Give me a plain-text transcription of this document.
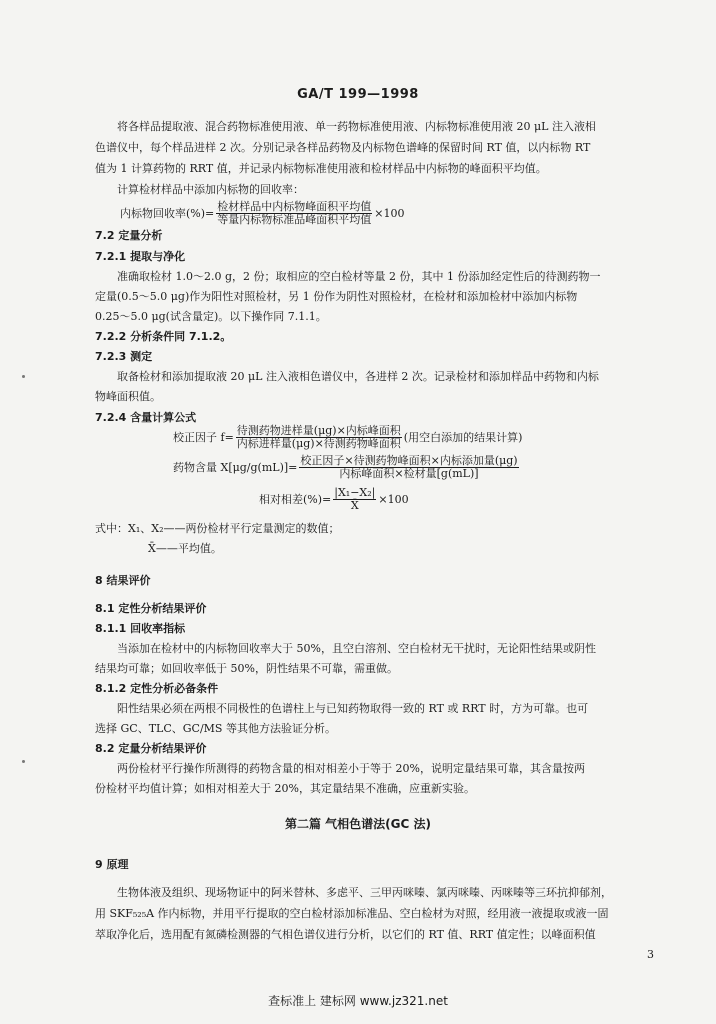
GA/T 199—1998
将各样品提取液、混合药物标准使用液、单一药物标准使用液、内标物标准使用液 20 μL 注入液相
色谱仪中，每个样品进样 2 次。分别记录各样品药物及内标物色谱峰的保留时间 RT 值，以内标物 RT
值为 1 计算药物的 RRT 值，并记录内标物标准使用液和检材样品中内标物的峰面积平均值。
计算检材样品中添加内标物的回收率：
内标物回收率(%)= $\frac{\text{检材样品中内标物峰面积平均值}}{\text{等量内标物标准品峰面积平均值}} \times 100$
7.2 定量分析
7.2.1 提取与净化
准确取检材 1.0～2.0 g，2 份；取相应的空白检材等量 2 份，其中 1 份添加经定性后的待测药物一
定量(0.5～5.0 μg)作为阳性对照检材，另 1 份作为阴性对照检材，在检材和添加检材中添加内标物
0.25～5.0 μg(试含量定)。以下操作同 7.1.1。
7.2.2 分析条件同 7.1.2。
7.2.3 测定
取备检材和添加提取液 20 μL 注入液相色谱仪中，各进样 2 次。记录检材和添加样品中药物和内标
物峰面积值。
7.2.4 含量计算公式
校正因子 $f= \frac{\text{待测药物进样量(μg)×内标峰面积}}{\text{内标进样量(μg)×待测药物峰面积}}$ (用空白添加的结果计算)
药物含量 $X[\mu g/g(mL)]= \frac{\text{校正因子×待测药物峰面积×内标添加量(μg)}}{\text{内标峰面积×检材量[g(mL)]}}$
相对相差(%)= $\frac{\text{|X₁−X₂|}}{X̄} \times 100$
式中：X₁、X₂——两份检材平行定量测定的数值；
X̄——平均值。
8 结果评价
8.1 定性分析结果评价
8.1.1 回收率指标
当添加在检材中的内标物回收率大于 50%，且空白溶剂、空白检材无干扰时，无论阳性结果或阴性
结果均可靠；如回收率低于 50%，阴性结果不可靠，需重做。
8.1.2 定性分析必备条件
阳性结果必须在两根不同极性的色谱柱上与已知药物取得一致的 RT 或 RRT 时，方为可靠。也可
选择 GC、TLC、GC/MS 等其他方法验证分析。
8.2 定量分析结果评价
两份检材平行操作所测得的药物含量的相对相差小于等于 20%，说明定量结果可靠，其含量按两
份检材平均值计算；如相对相差大于 20%，其定量结果不准确，应重新实验。
第二篇 气相色谱法(GC 法)
9 原理
生物体液及组织、现场物证中的阿米替林、多虑平、三甲丙咪嗪、氯丙咪嗪、丙咪嗪等三环抗抑郁剂，
用 SKF₅₂₅A 作内标物，并用平行提取的空白检材添加标准品、空白检材为对照，经用液一液提取或液一固
萃取净化后，选用配有氮磷检测器的气相色谱仪进行分析，以它们的 RT 值、RRT 值定性；以峰面积值
3
查标准上 建标网 www.jz321.net
